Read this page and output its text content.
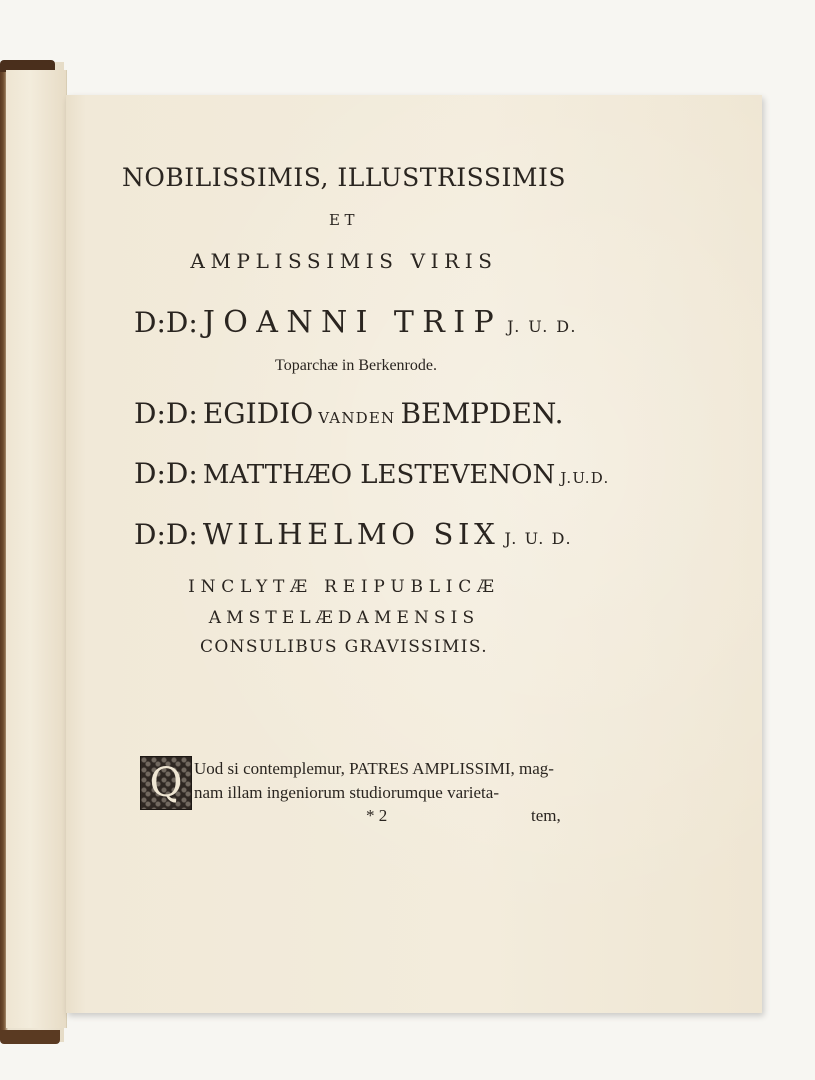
NOBILISSIMIS, ILLUSTRISSIMIS
ET
AMPLISSIMIS VIRIS
D:D: JOANNI TRIP J. U. D.
Toparchæ in Berkenrode.
D:D: EGIDIO VANDEN BEMPDEN.
D:D: MATTHÆO LESTEVENON J.U.D.
D:D: WILHELMO SIX J. U. D.
INCLYTÆ REIPUBLICÆ
AMSTELÆDAMENSIS
CONSULIBUS GRAVISSIMIS.
Q Uod si contemplemur, PATRES AMPLISSIMI, mag-
nam illam ingeniorum studiorumque varieta-
* 2	tem,
